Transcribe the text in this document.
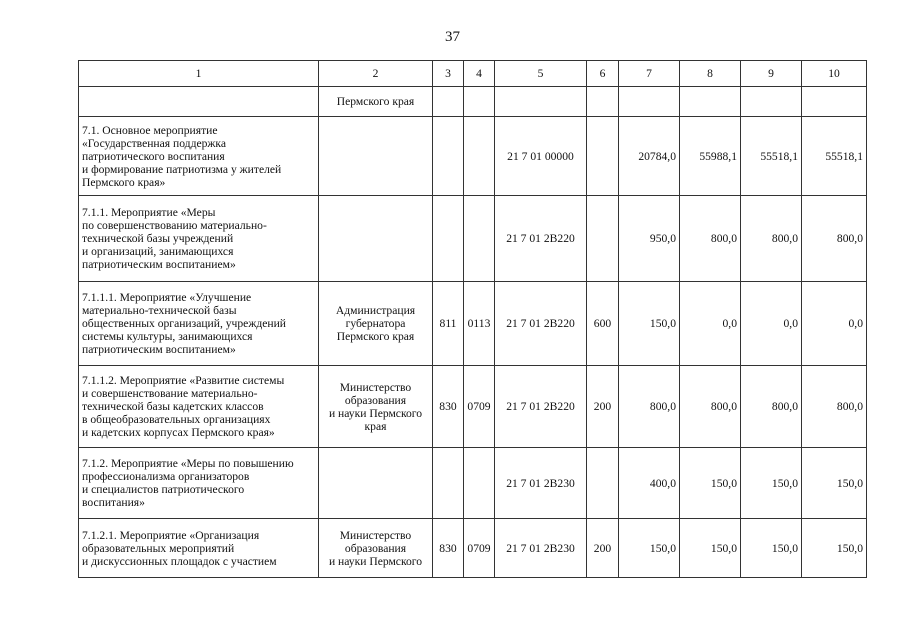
37
1	2	3	4	5	6	7	8	9	10
	Пермского края								
7.1. Основное мероприятие
«Государственная поддержка
патриотического воспитания
и формирование патриотизма у жителей
Пермского края»				21 7 01 00000		20784,0	55988,1	55518,1	55518,1
7.1.1. Мероприятие «Меры
по совершенствованию материально-
технической базы учреждений
и организаций, занимающихся
патриотическим воспитанием»				21 7 01 2В220		950,0	800,0	800,0	800,0
7.1.1.1. Мероприятие «Улучшение
материально-технической базы
общественных организаций, учреждений
системы культуры, занимающихся
патриотическим воспитанием»	Администрация
губернатора
Пермского края	811	0113	21 7 01 2В220	600	150,0	0,0	0,0	0,0
7.1.1.2. Мероприятие «Развитие системы
и совершенствование материально-
технической базы кадетских классов
в общеобразовательных организациях
и кадетских корпусах Пермского края»	Министерство
образования
и науки Пермского
края	830	0709	21 7 01 2В220	200	800,0	800,0	800,0	800,0
7.1.2. Мероприятие «Меры по повышению
профессионализма организаторов
и специалистов патриотического
воспитания»				21 7 01 2В230		400,0	150,0	150,0	150,0
7.1.2.1. Мероприятие «Организация
образовательных мероприятий
и дискуссионных площадок с участием	Министерство
образования
и науки Пермского	830	0709	21 7 01 2В230	200	150,0	150,0	150,0	150,0
